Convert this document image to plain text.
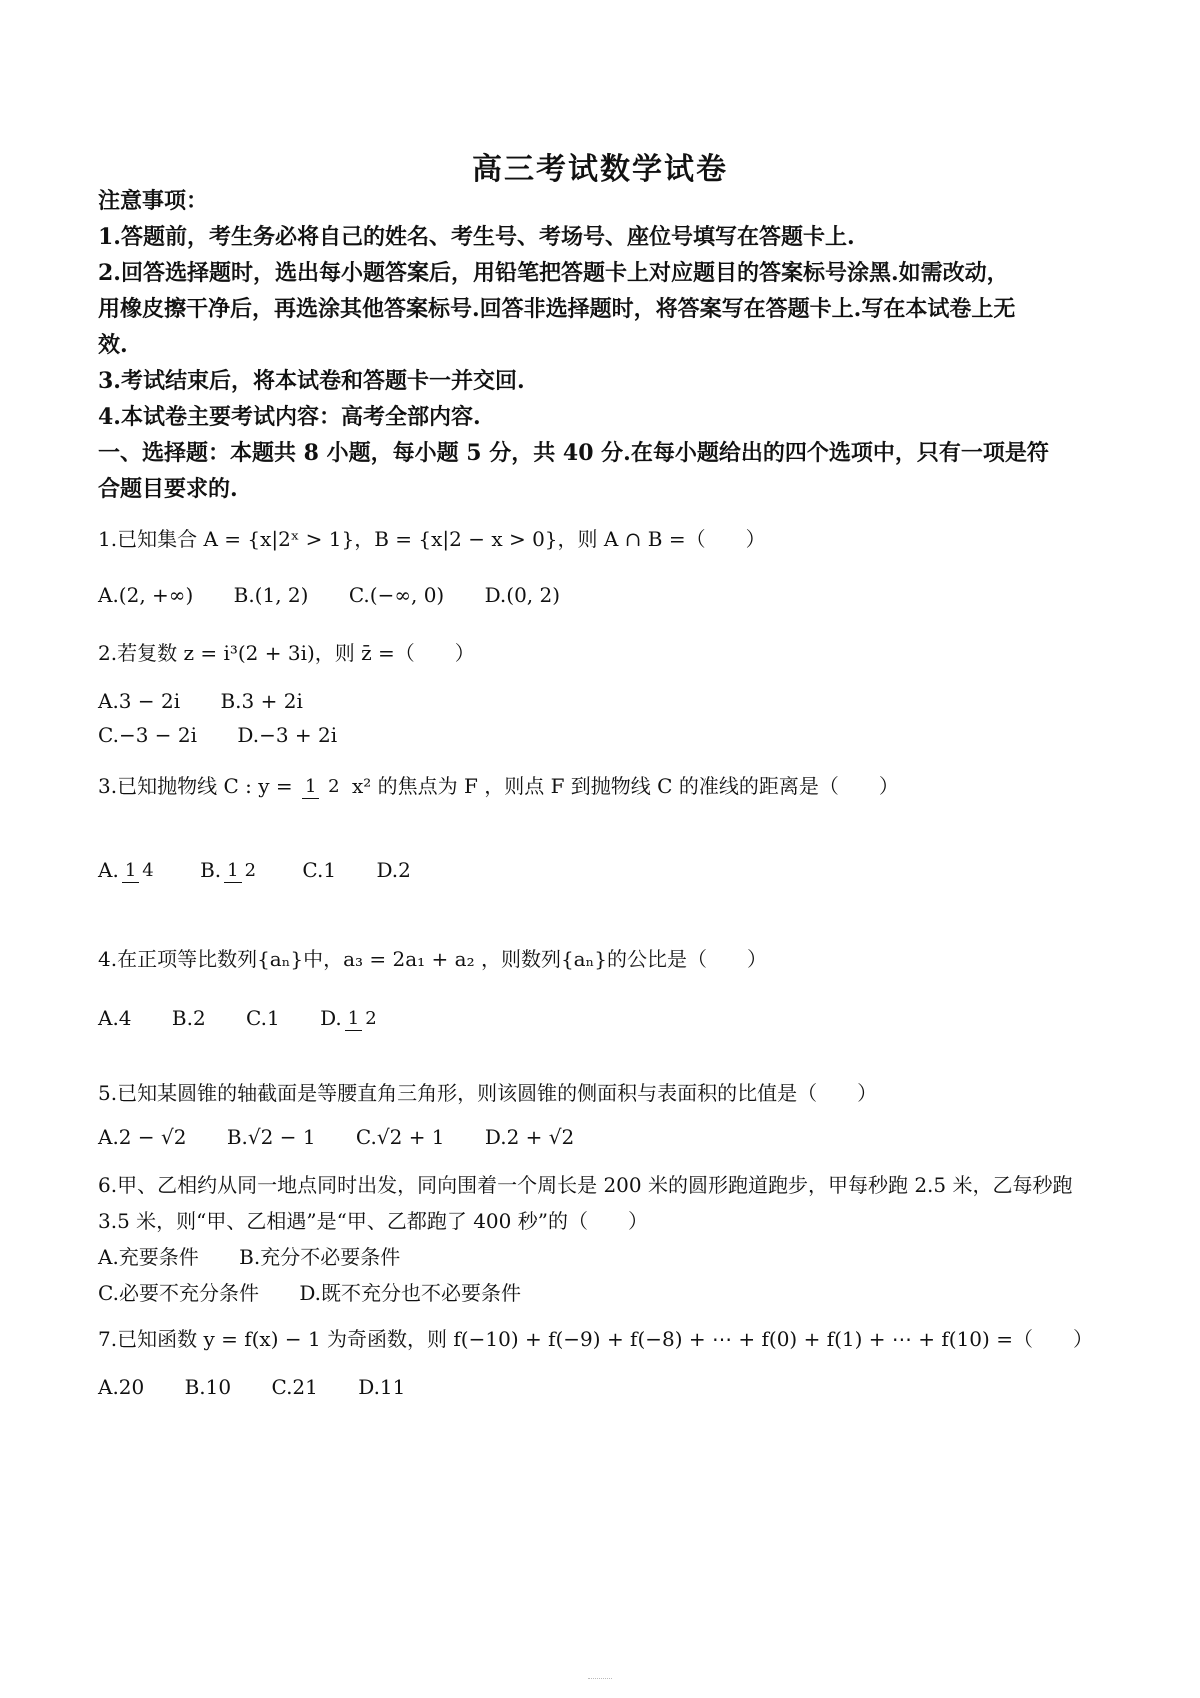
高三考试数学试卷
注意事项：
1.答题前，考生务必将自己的姓名、考生号、考场号、座位号填写在答题卡上.
2.回答选择题时，选出每小题答案后，用铅笔把答题卡上对应题目的答案标号涂黑.如需改动，
用橡皮擦干净后，再选涂其他答案标号.回答非选择题时，将答案写在答题卡上.写在本试卷上无
效.
3.考试结束后，将本试卷和答题卡一并交回.
4.本试卷主要考试内容：高考全部内容.
一、选择题：本题共 8 小题，每小题 5 分，共 40 分.在每小题给出的四个选项中，只有一项是符
合题目要求的.
1.已知集合 A = {x|2ˣ > 1}，B = {x|2 − x > 0}，则 A ∩ B =（　　）
A.(2, +∞) B.(1, 2) C.(−∞, 0) D.(0, 2)
2.若复数 z = i³(2 + 3i)，则 z̄ =（　　）
A.3 − 2i B.3 + 2i
C.−3 − 2i D.−3 + 2i
3.已知抛物线 C : y = 1 2 x² 的焦点为 F ，则点 F 到抛物线 C 的准线的距离是（　　）
A. 1 4 B. 1 2 C.1 D.2
4.在正项等比数列{aₙ}中，a₃ = 2a₁ + a₂ ，则数列{aₙ}的公比是（　　）
A.4 B.2 C.1 D. 1 2
5.已知某圆锥的轴截面是等腰直角三角形，则该圆锥的侧面积与表面积的比值是（　　）
A.2 − √2 B.√2 − 1 C.√2 + 1 D.2 + √2
6.甲、乙相约从同一地点同时出发，同向围着一个周长是 200 米的圆形跑道跑步，甲每秒跑 2.5 米，乙每秒跑
3.5 米，则“甲、乙相遇”是“甲、乙都跑了 400 秒”的（　　）
A.充要条件 B.充分不必要条件
C.必要不充分条件 D.既不充分也不必要条件
7.已知函数 y = f(x) − 1 为奇函数，则 f(−10) + f(−9) + f(−8) + ⋯ + f(0) + f(1) + ⋯ + f(10) =（　　）
A.20 B.10 C.21 D.11
